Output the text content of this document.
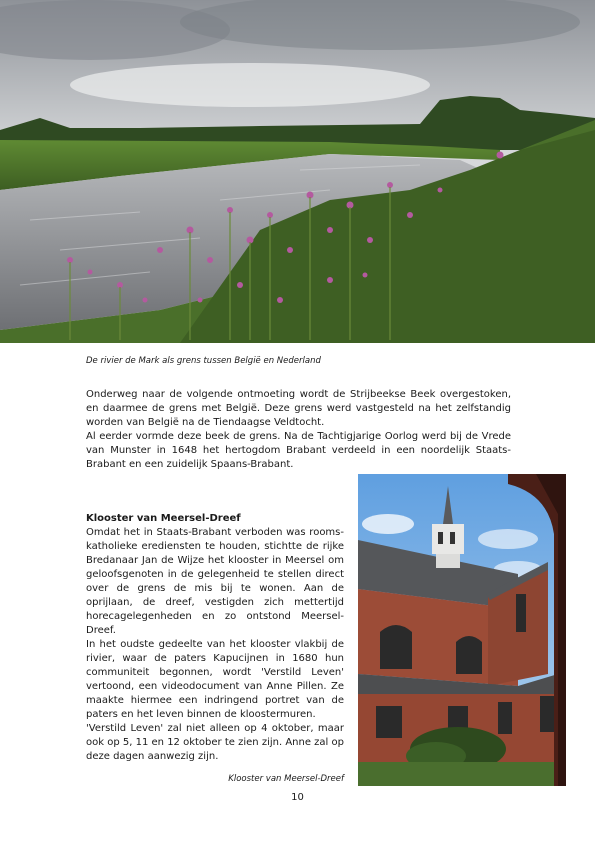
De rivier de Mark als grens tussen België en Nederland

Onderweg naar de volgende ontmoeting wordt de Strijbeekse Beek overgestoken, en daarmee de grens met België. Deze grens werd vastgesteld na het zelfstandig worden van België na de Tiendaagse Veldtocht.

Al eerder vormde deze beek de grens. Na de Tachtigjarige Oorlog werd bij de Vrede van Munster in 1648 het hertogdom Brabant verdeeld in een noordelijk Staats-Brabant en een zuidelijk Spaans-Brabant.

Klooster van Meersel-Dreef

Omdat het in Staats-Brabant verboden was rooms-katholieke erediensten te houden, stichtte de rijke Bredanaar Jan de Wijze het klooster in Meersel om geloofsgenoten in de gelegenheid te stellen direct over de grens de mis bij te wonen. Aan de oprijlaan, de dreef, vestigden zich mettertijd horecagelegenheden en zo ontstond Meersel-Dreef.

In het oudste gedeelte van het klooster vlakbij de rivier, waar de paters Kapucijnen in 1680 hun communiteit begonnen, wordt 'Verstild Leven' vertoond, een videodocument van Anne Pillen. Ze maakte hiermee een indringend portret van de paters en het leven binnen de kloostermuren.

'Verstild Leven' zal niet alleen op 4 oktober, maar ook op 5, 11 en 12 oktober te zien zijn. Anne zal op deze dagen aanwezig zijn.

Klooster van Meersel-Dreef

10
